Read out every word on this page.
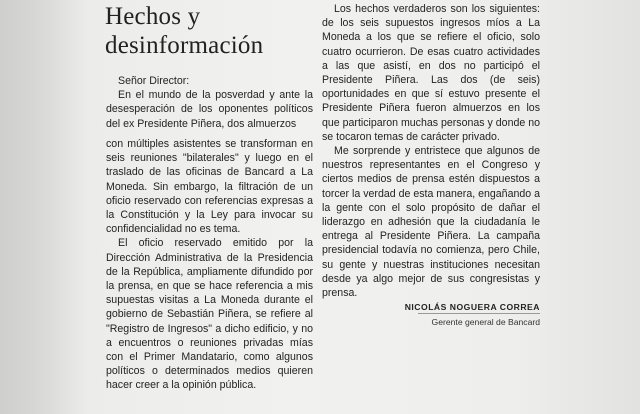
Hechos y
desinformación

Señor Director:

En el mundo de la posverdad y ante la desesperación de los oponentes políticos del ex Presidente Piñera, dos almuerzos

con múltiples asistentes se transforman en seis reuniones "bilaterales" y luego en el traslado de las oficinas de Bancard a La Moneda. Sin embargo, la filtración de un oficio reservado con referencias expresas a la Constitución y la Ley para invocar su confidencialidad no es tema.

El oficio reservado emitido por la Dirección Administrativa de la Presidencia de la República, ampliamente difundido por la prensa, en que se hace referencia a mis supuestas visitas a La Moneda durante el gobierno de Sebastián Piñera, se refiere al "Registro de Ingresos" a dicho edificio, y no a encuentros o reuniones privadas mías con el Primer Mandatario, como algunos políticos o determinados medios quieren hacer creer a la opinión pública.

Los hechos verdaderos son los siguientes: de los seis supuestos ingresos míos a La Moneda a los que se refiere el oficio, solo cuatro ocurrieron. De esas cuatro actividades a las que asistí, en dos no participó el Presidente Piñera. Las dos (de seis) oportunidades en que sí estuvo presente el Presidente Piñera fueron almuerzos en los que participaron muchas personas y donde no se tocaron temas de carácter privado.

Me sorprende y entristece que algunos de nuestros representantes en el Congreso y ciertos medios de prensa estén dispuestos a torcer la verdad de esta manera, engañando a la gente con el solo propósito de dañar el liderazgo en adhesión que la ciudadanía le entrega al Presidente Piñera. La campaña presidencial todavía no comienza, pero Chile, su gente y nuestras instituciones necesitan desde ya algo mejor de sus congresistas y prensa.

NICOLÁS NOGUERA CORREA
Gerente general de Bancard
